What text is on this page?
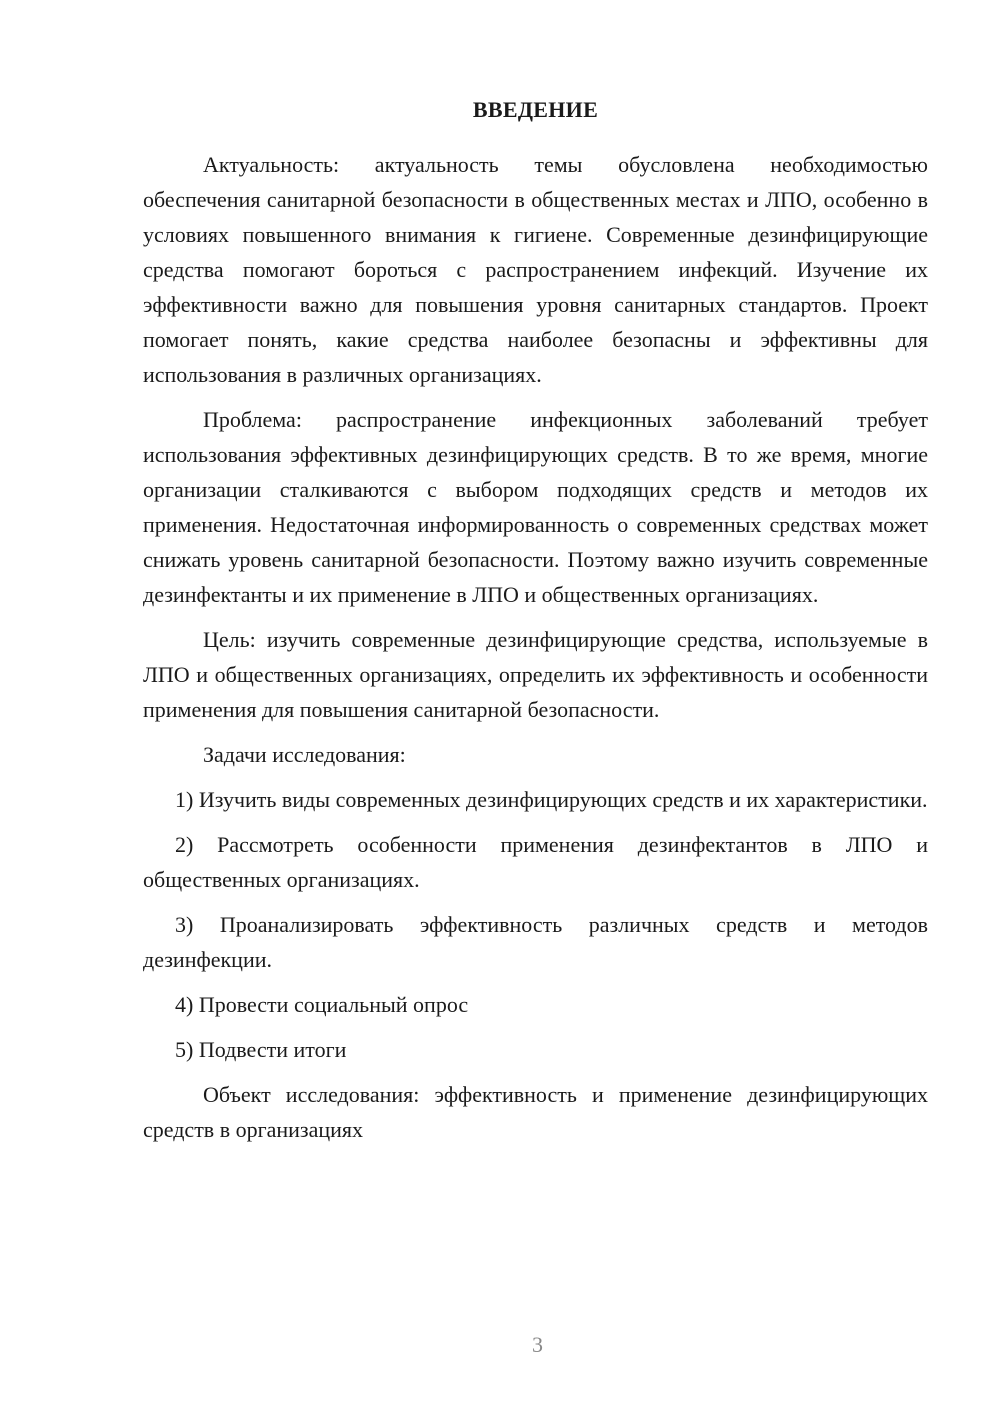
ВВЕДЕНИЕ

Актуальность: актуальность темы обусловлена необходимостью обеспечения санитарной безопасности в общественных местах и ЛПО, особенно в условиях повышенного внимания к гигиене. Современные дезинфицирующие средства помогают бороться с распространением инфекций. Изучение их эффективности важно для повышения уровня санитарных стандартов. Проект помогает понять, какие средства наиболее безопасны и эффективны для использования в различных организациях.

Проблема: распространение инфекционных заболеваний требует использования эффективных дезинфицирующих средств. В то же время, многие организации сталкиваются с выбором подходящих средств и методов их применения. Недостаточная информированность о современных средствах может снижать уровень санитарной безопасности. Поэтому важно изучить современные дезинфектанты и их применение в ЛПО и общественных организациях.

Цель: изучить современные дезинфицирующие средства, используемые в ЛПО и общественных организациях, определить их эффективность и особенности применения для повышения санитарной безопасности.

Задачи исследования:

1) Изучить виды современных дезинфицирующих средств и их характеристики.

2) Рассмотреть особенности применения дезинфектантов в ЛПО и общественных организациях.

3) Проанализировать эффективность различных средств и методов дезинфекции.

4) Провести социальный опрос

5) Подвести итоги

Объект исследования: эффективность и применение дезинфицирующих средств в организациях

3
